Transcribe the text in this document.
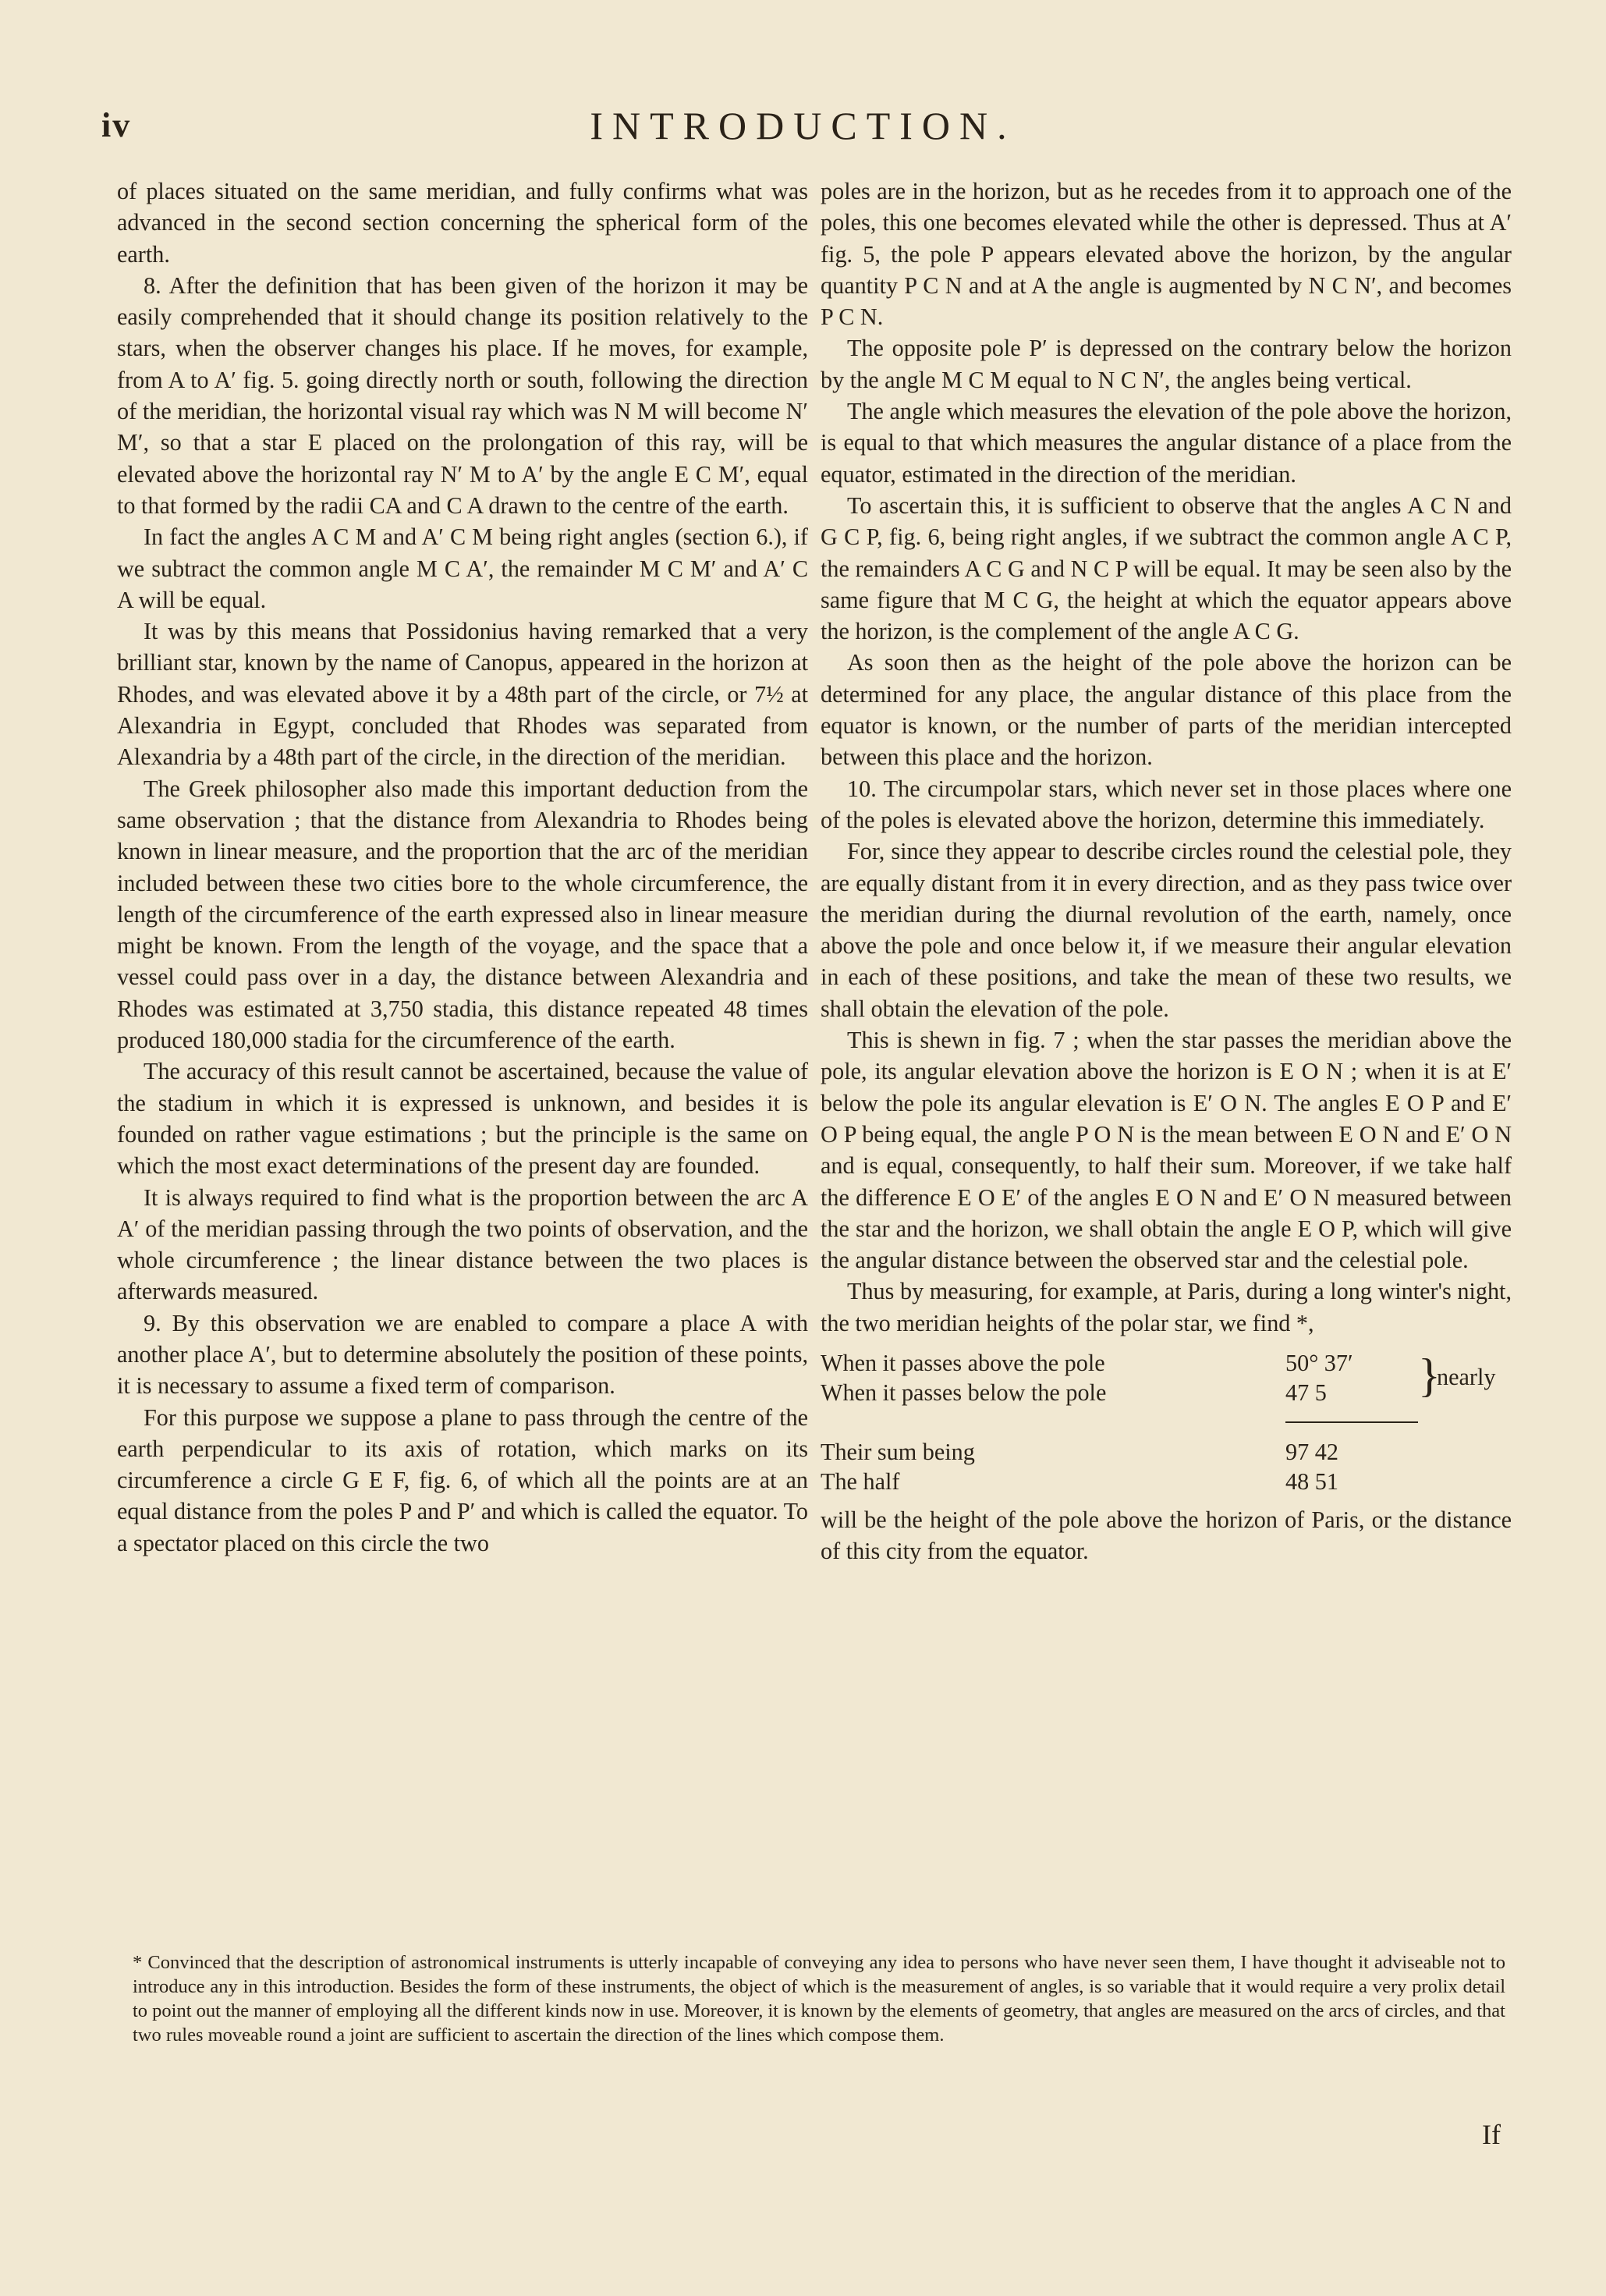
iv	INTRODUCTION.

of places situated on the same meridian, and fully confirms what was advanced in the second section concerning the spherical form of the earth.

8. After the definition that has been given of the horizon it may be easily comprehended that it should change its position relatively to the stars, when the observer changes his place. If he moves, for example, from A to A′ fig. 5. going directly north or south, following the direction of the meridian, the horizontal visual ray which was N M will become N′ M′, so that a star E placed on the prolongation of this ray, will be elevated above the horizontal ray N′ M to A′ by the angle E C M′, equal to that formed by the radii CA and C A drawn to the centre of the earth.

In fact the angles A C M and A′ C M being right angles (section 6.), if we subtract the common angle M C A′, the remainder M C M′ and A′ C A will be equal.

It was by this means that Possidonius having remarked that a very brilliant star, known by the name of Canopus, appeared in the horizon at Rhodes, and was elevated above it by a 48th part of the circle, or 7½ at Alexandria in Egypt, concluded that Rhodes was separated from Alexandria by a 48th part of the circle, in the direction of the meridian.

The Greek philosopher also made this important deduction from the same observation ; that the distance from Alexandria to Rhodes being known in linear measure, and the proportion that the arc of the meridian included between these two cities bore to the whole circumference, the length of the circumference of the earth expressed also in linear measure might be known. From the length of the voyage, and the space that a vessel could pass over in a day, the distance between Alexandria and Rhodes was estimated at 3,750 stadia, this distance repeated 48 times produced 180,000 stadia for the circumference of the earth.

The accuracy of this result cannot be ascertained, because the value of the stadium in which it is expressed is unknown, and besides it is founded on rather vague estimations ; but the principle is the same on which the most exact determinations of the present day are founded.

It is always required to find what is the proportion between the arc A A′ of the meridian passing through the two points of observation, and the whole circumference ; the linear distance between the two places is afterwards measured.

9. By this observation we are enabled to compare a place A with another place A′, but to determine absolutely the position of these points, it is necessary to assume a fixed term of comparison.

For this purpose we suppose a plane to pass through the centre of the earth perpendicular to its axis of rotation, which marks on its circumference a circle G E F, fig. 6, of which all the points are at an equal distance from the poles P and P′ and which is called the equator. To a spectator placed on this circle the two

poles are in the horizon, but as he recedes from it to approach one of the poles, this one becomes elevated while the other is depressed. Thus at A′ fig. 5, the pole P appears elevated above the horizon, by the angular quantity P C N and at A the angle is augmented by N C N′, and becomes P C N.

The opposite pole P′ is depressed on the contrary below the horizon by the angle M C M equal to N C N′, the angles being vertical.

The angle which measures the elevation of the pole above the horizon, is equal to that which measures the angular distance of a place from the equator, estimated in the direction of the meridian.

To ascertain this, it is sufficient to observe that the angles A C N and G C P, fig. 6, being right angles, if we subtract the common angle A C P, the remainders A C G and N C P will be equal. It may be seen also by the same figure that M C G, the height at which the equator appears above the horizon, is the complement of the angle A C G.

As soon then as the height of the pole above the horizon can be determined for any place, the angular distance of this place from the equator is known, or the number of parts of the meridian intercepted between this place and the horizon.

10. The circumpolar stars, which never set in those places where one of the poles is elevated above the horizon, determine this immediately.

For, since they appear to describe circles round the celestial pole, they are equally distant from it in every direction, and as they pass twice over the meridian during the diurnal revolution of the earth, namely, once above the pole and once below it, if we measure their angular elevation in each of these positions, and take the mean of these two results, we shall obtain the elevation of the pole.

This is shewn in fig. 7 ; when the star passes the meridian above the pole, its angular elevation above the horizon is E O N ; when it is at E′ below the pole its angular elevation is E′ O N. The angles E O P and E′ O P being equal, the angle P O N is the mean between E O N and E′ O N and is equal, consequently, to half their sum. Moreover, if we take half the difference E O E′ of the angles E O N and E′ O N measured between the star and the horizon, we shall obtain the angle E O P, which will give the angular distance between the observed star and the celestial pole.

Thus by measuring, for example, at Paris, during a long winter's night, the two meridian heights of the polar star, we find *,

When it passes above the pole	50° 37′	}
nearly

When it passes below the pole	47 5	

Their sum being	97 42	
The half	48 51	

will be the height of the pole above the horizon of Paris, or the distance of this city from the equator.

* Convinced that the description of astronomical instruments is utterly incapable of conveying any idea to persons who have never seen them, I have thought it adviseable not to introduce any in this introduction. Besides the form of these instruments, the object of which is the measurement of angles, is so variable that it would require a very prolix detail to point out the manner of employing all the different kinds now in use. Moreover, it is known by the elements of geometry, that angles are measured on the arcs of circles, and that two rules moveable round a joint are sufficient to ascertain the direction of the lines which compose them.
If
